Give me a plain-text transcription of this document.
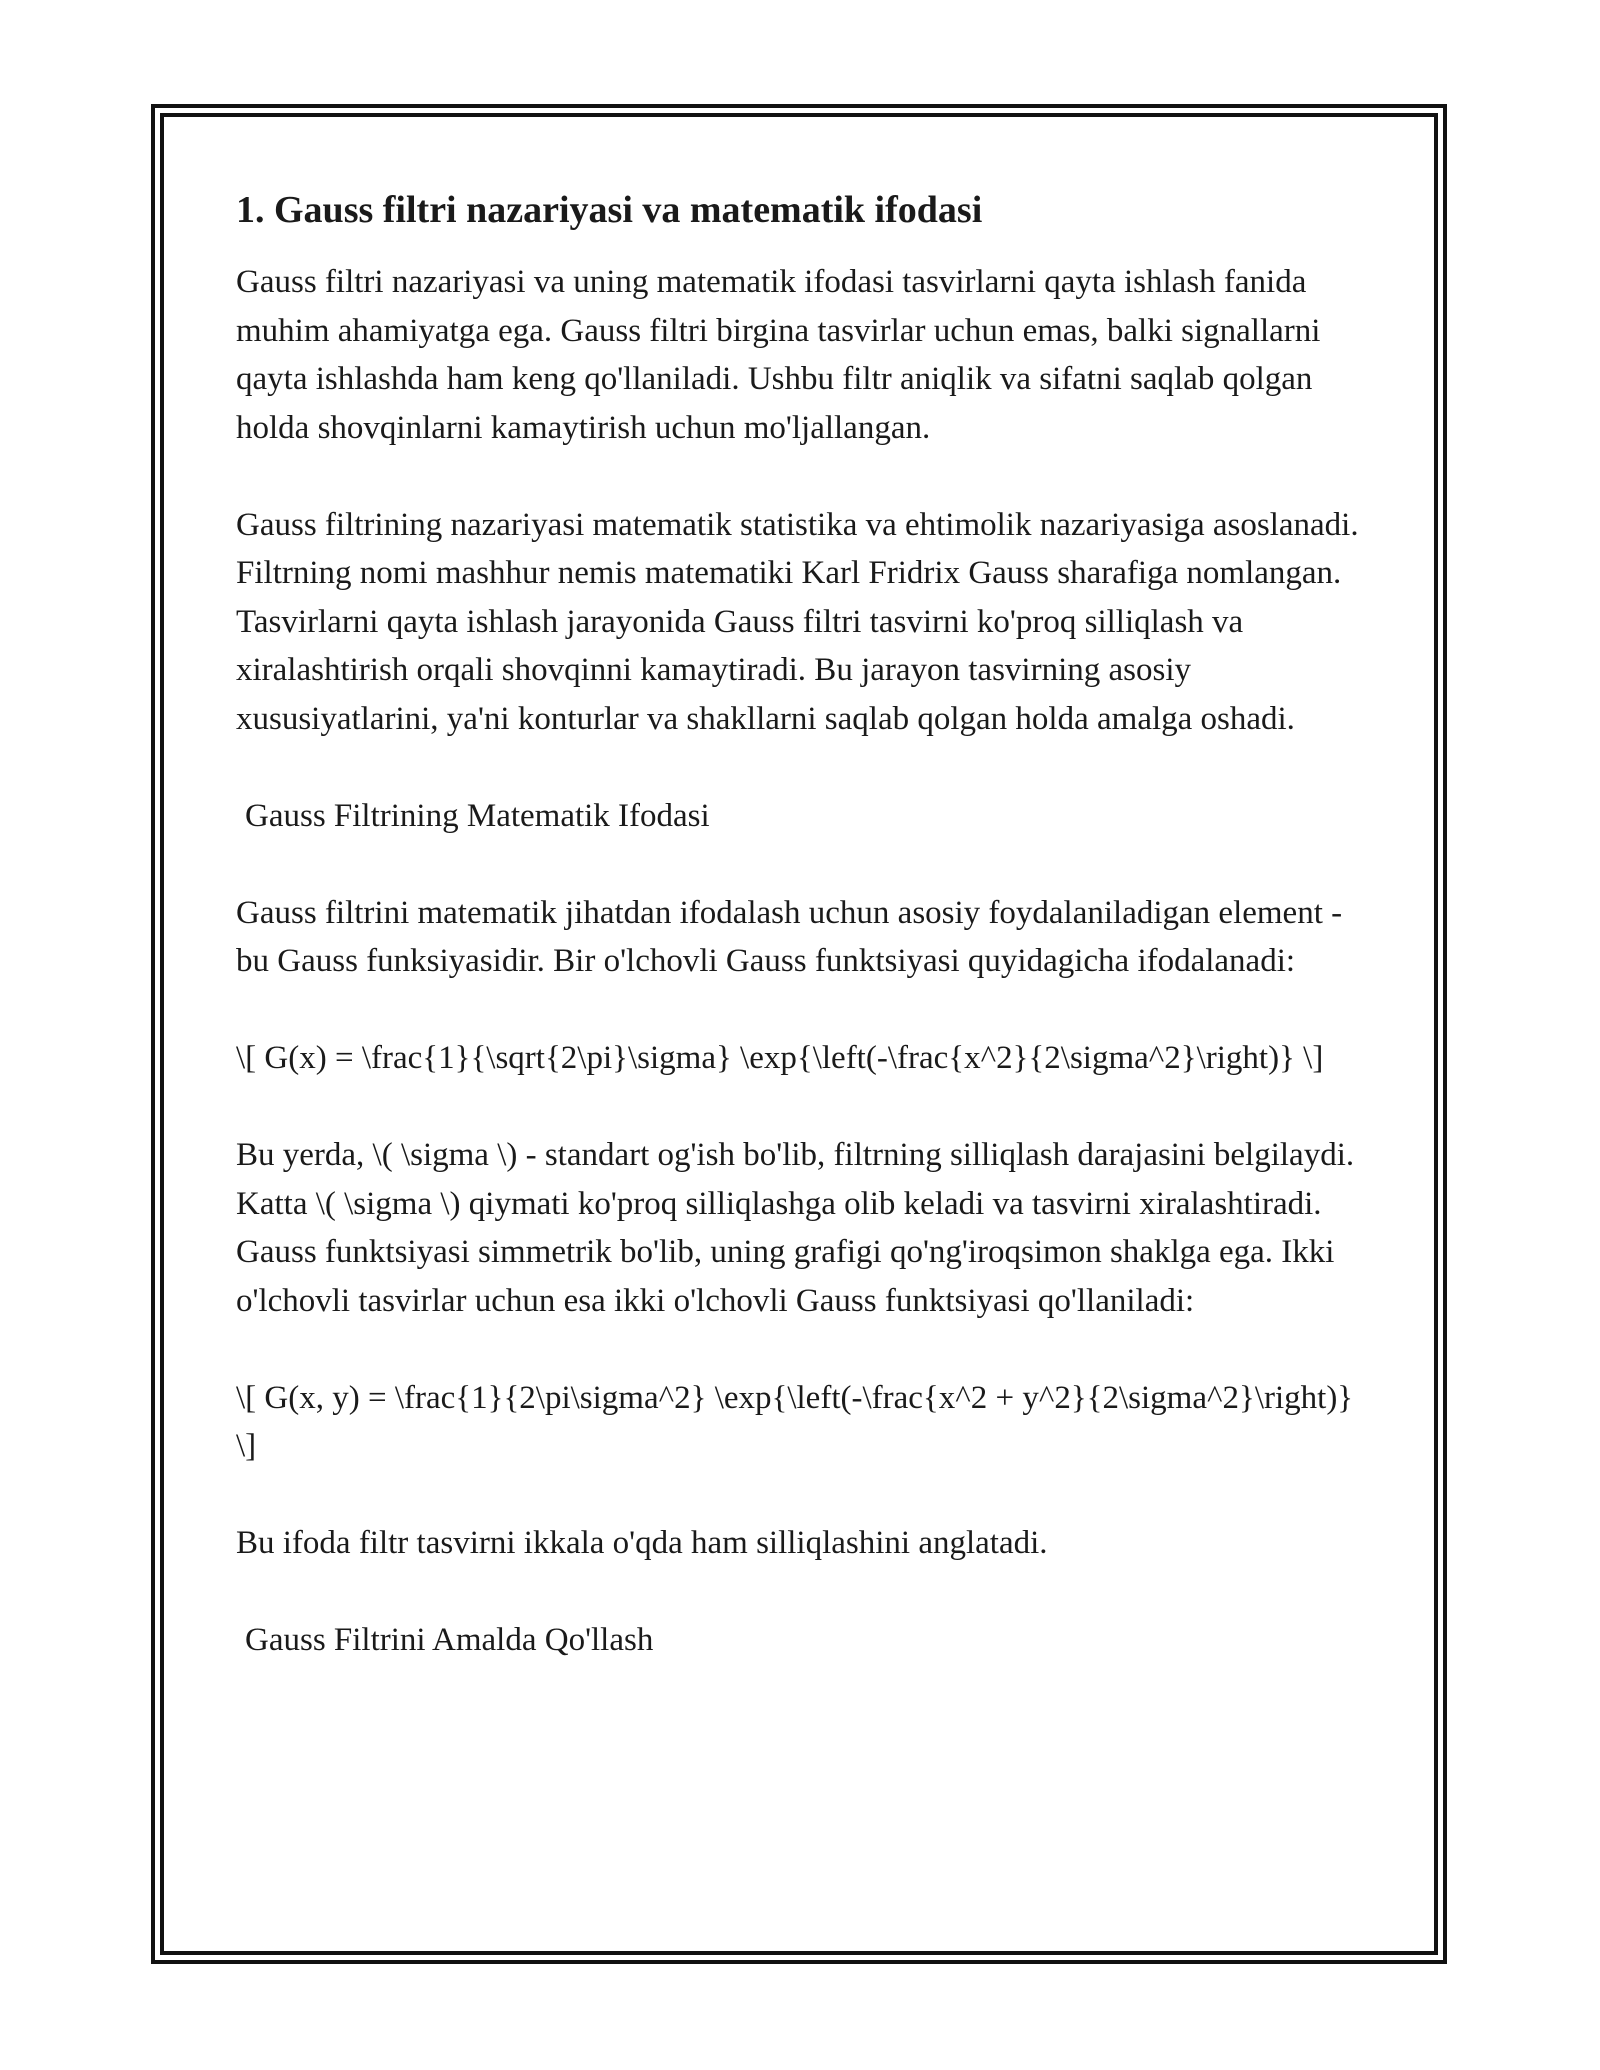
1. Gauss filtri nazariyasi va matematik ifodasi
Gauss filtri nazariyasi va uning matematik ifodasi tasvirlarni qayta ishlash fanida muhim ahamiyatga ega. Gauss filtri birgina tasvirlar uchun emas, balki signallarni qayta ishlashda ham keng qo'llaniladi. Ushbu filtr aniqlik va sifatni saqlab qolgan holda shovqinlarni kamaytirish uchun mo'ljallangan.
Gauss filtrining nazariyasi matematik statistika va ehtimolik nazariyasiga asoslanadi. Filtrning nomi mashhur nemis matematiki Karl Fridrix Gauss sharafiga nomlangan. Tasvirlarni qayta ishlash jarayonida Gauss filtri tasvirni ko'proq silliqlash va xiralashtirish orqali shovqinni kamaytiradi. Bu jarayon tasvirning asosiy xususiyatlarini, ya'ni konturlar va shakllarni saqlab qolgan holda amalga oshadi.
Gauss Filtrining Matematik Ifodasi
Gauss filtrini matematik jihatdan ifodalash uchun asosiy foydalaniladigan element - bu Gauss funksiyasidir. Bir o'lchovli Gauss funktsiyasi quyidagicha ifodalanadi:
\[ G(x) = \frac{1}{\sqrt{2\pi}\sigma} \exp{\left(-\frac{x^2}{2\sigma^2}\right)} \]
Bu yerda, \( \sigma \) - standart og'ish bo'lib, filtrning silliqlash darajasini belgilaydi. Katta \( \sigma \) qiymati ko'proq silliqlashga olib keladi va tasvirni xiralashtiradi. Gauss funktsiyasi simmetrik bo'lib, uning grafigi qo'ng'iroqsimon shaklga ega. Ikki o'lchovli tasvirlar uchun esa ikki o'lchovli Gauss funktsiyasi qo'llaniladi:
\[ G(x, y) = \frac{1}{2\pi\sigma^2} \exp{\left(-\frac{x^2 + y^2}{2\sigma^2}\right)} \]
Bu ifoda filtr tasvirni ikkala o'qda ham silliqlashini anglatadi.
Gauss Filtrini Amalda Qo'llash
